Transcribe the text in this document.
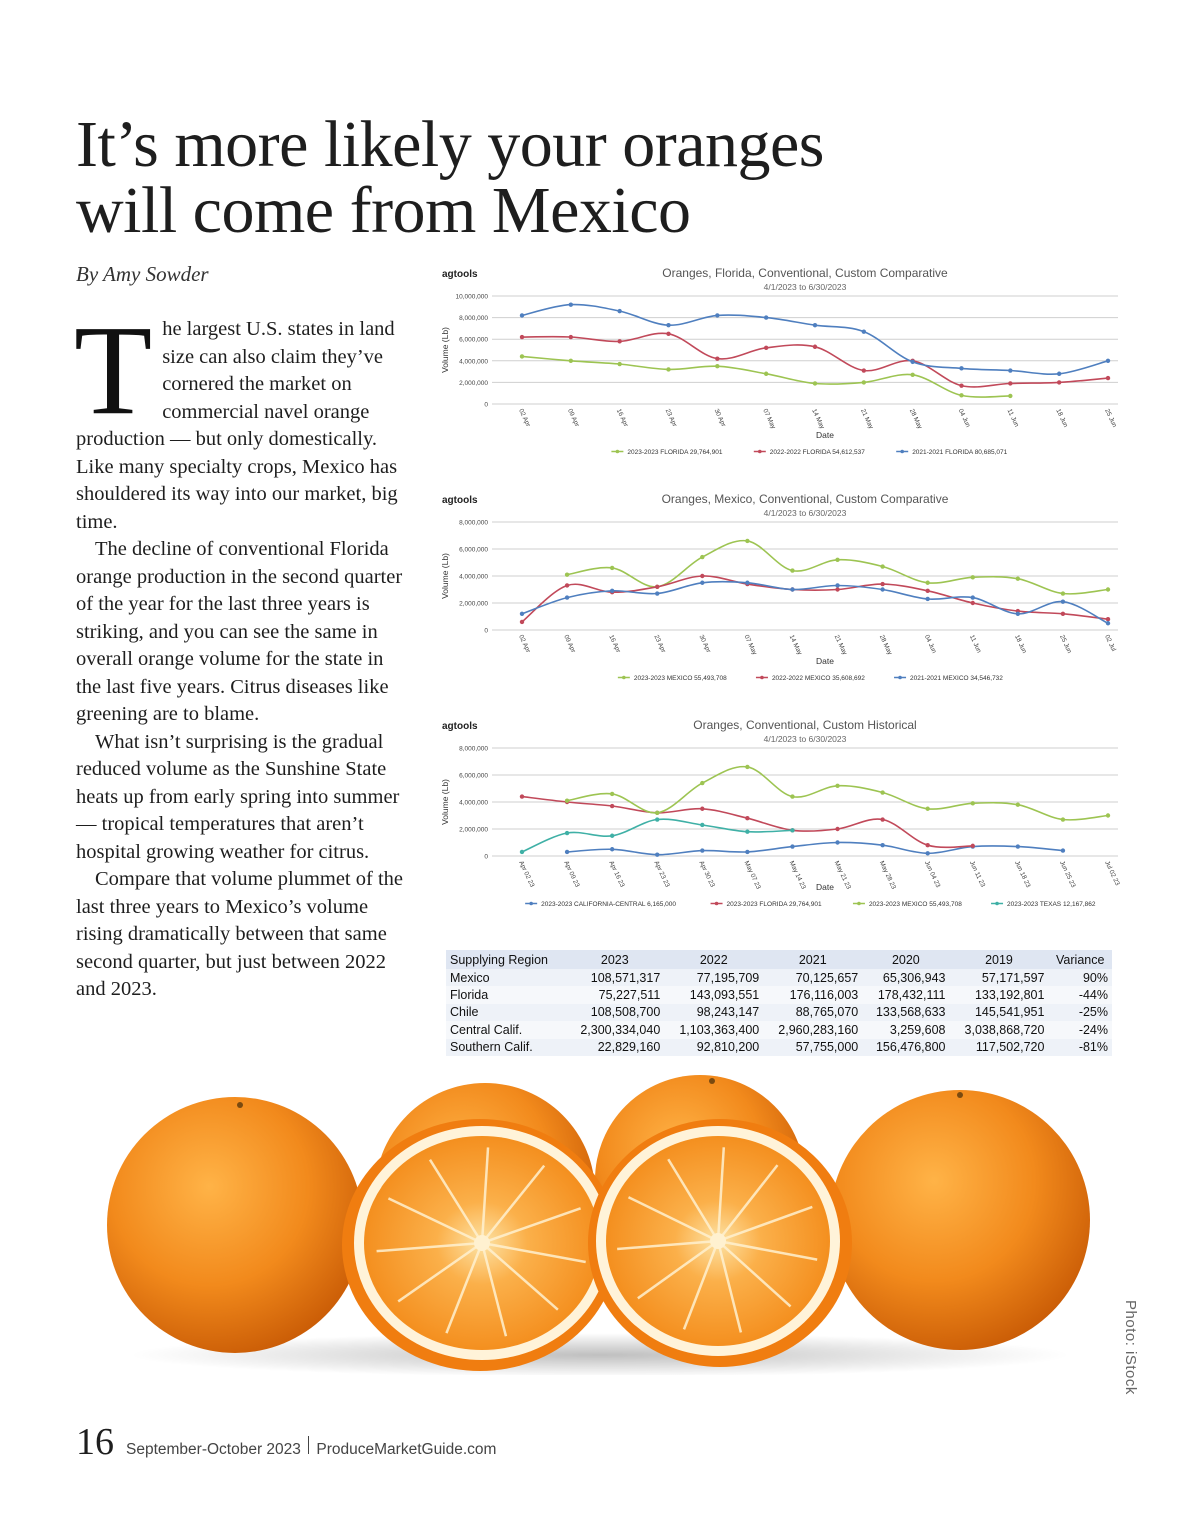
It’s more likely your oranges
will come from Mexico
By Amy Sowder

The largest U.S. states in land size can also claim they’ve cornered the market on commercial navel orange production — but only domestically. Like many specialty crops, Mexico has shouldered its way into our market, big time.

The decline of conventional Florida orange production in the second quarter of the year for the last three years is striking, and you can see the same in overall orange volume for the state in the last five years. Citrus diseases like greening are to blame.

What isn’t surprising is the gradual reduced volume as the Sunshine State heats up from early spring into summer — tropical temperatures that aren’t hospital growing weather for citrus.

Compare that volume plummet of the last three years to Mexico’s volume rising dramatically between that same second quarter, but just between 2022 and 2023.

agtools	Oranges, Florida, Conventional, Custom Comparative
4/1/2023 to 6/30/2023
0
2,000,000
4,000,000
6,000,000
8,000,000
10,000,000
Volume (Lb)
02 Apr	09 Apr	16 Apr	23 Apr	30 Apr	07 May	14 May	21 May	28 May	04 Jun	11 Jun	18 Jun	25 Jun
Date
2023-2023 FLORIDA 29,764,901	2022-2022 FLORIDA 54,612,537	2021-2021 FLORIDA 80,685,071
agtools	Oranges, Mexico, Conventional, Custom Comparative
4/1/2023 to 6/30/2023
0
2,000,000
4,000,000
6,000,000
8,000,000
Volume (Lb)
02 Apr	09 Apr	16 Apr	23 Apr	30 Apr	07 May	14 May	21 May	28 May	04 Jun	11 Jun	18 Jun	25 Jun	02 Jul
Date
2023-2023 MEXICO 55,493,708	2022-2022 MEXICO 35,608,692	2021-2021 MEXICO 34,546,732
agtools	Oranges, Conventional, Custom Historical
4/1/2023 to 6/30/2023
0
2,000,000
4,000,000
6,000,000
8,000,000
Volume (Lb)
Apr 02 23	Apr 09 23	Apr 16 23	Apr 23 23	Apr 30 23	May 07 23	May 14 23	May 21 23	May 28 23	Jun 04 23	Jun 11 23	Jun 18 23	Jun 25 23	Jul 02 23
Date
2023-2023 CALIFORNIA-CENTRAL 6,165,000	2023-2023 FLORIDA 29,764,901	2023-2023 MEXICO 55,493,708	2023-2023 TEXAS 12,167,862
Supplying Region	2023	2022	2021	2020	2019	Variance
Mexico	108,571,317	77,195,709	70,125,657	65,306,943	57,171,597	90%
Florida	75,227,511	143,093,551	176,116,003	178,432,111	133,192,801	-44%
Chile	108,508,700	98,243,147	88,765,070	133,568,633	145,541,951	-25%
Central Calif.	2,300,334,040	1,103,363,400	2,960,283,160	3,259,608	3,038,868,720	-24%
Southern Calif.	22,829,160	92,810,200	57,755,000	156,476,800	117,502,720	-81%
Photo: iStock
16 September-October 2023 ProduceMarketGuide.com
